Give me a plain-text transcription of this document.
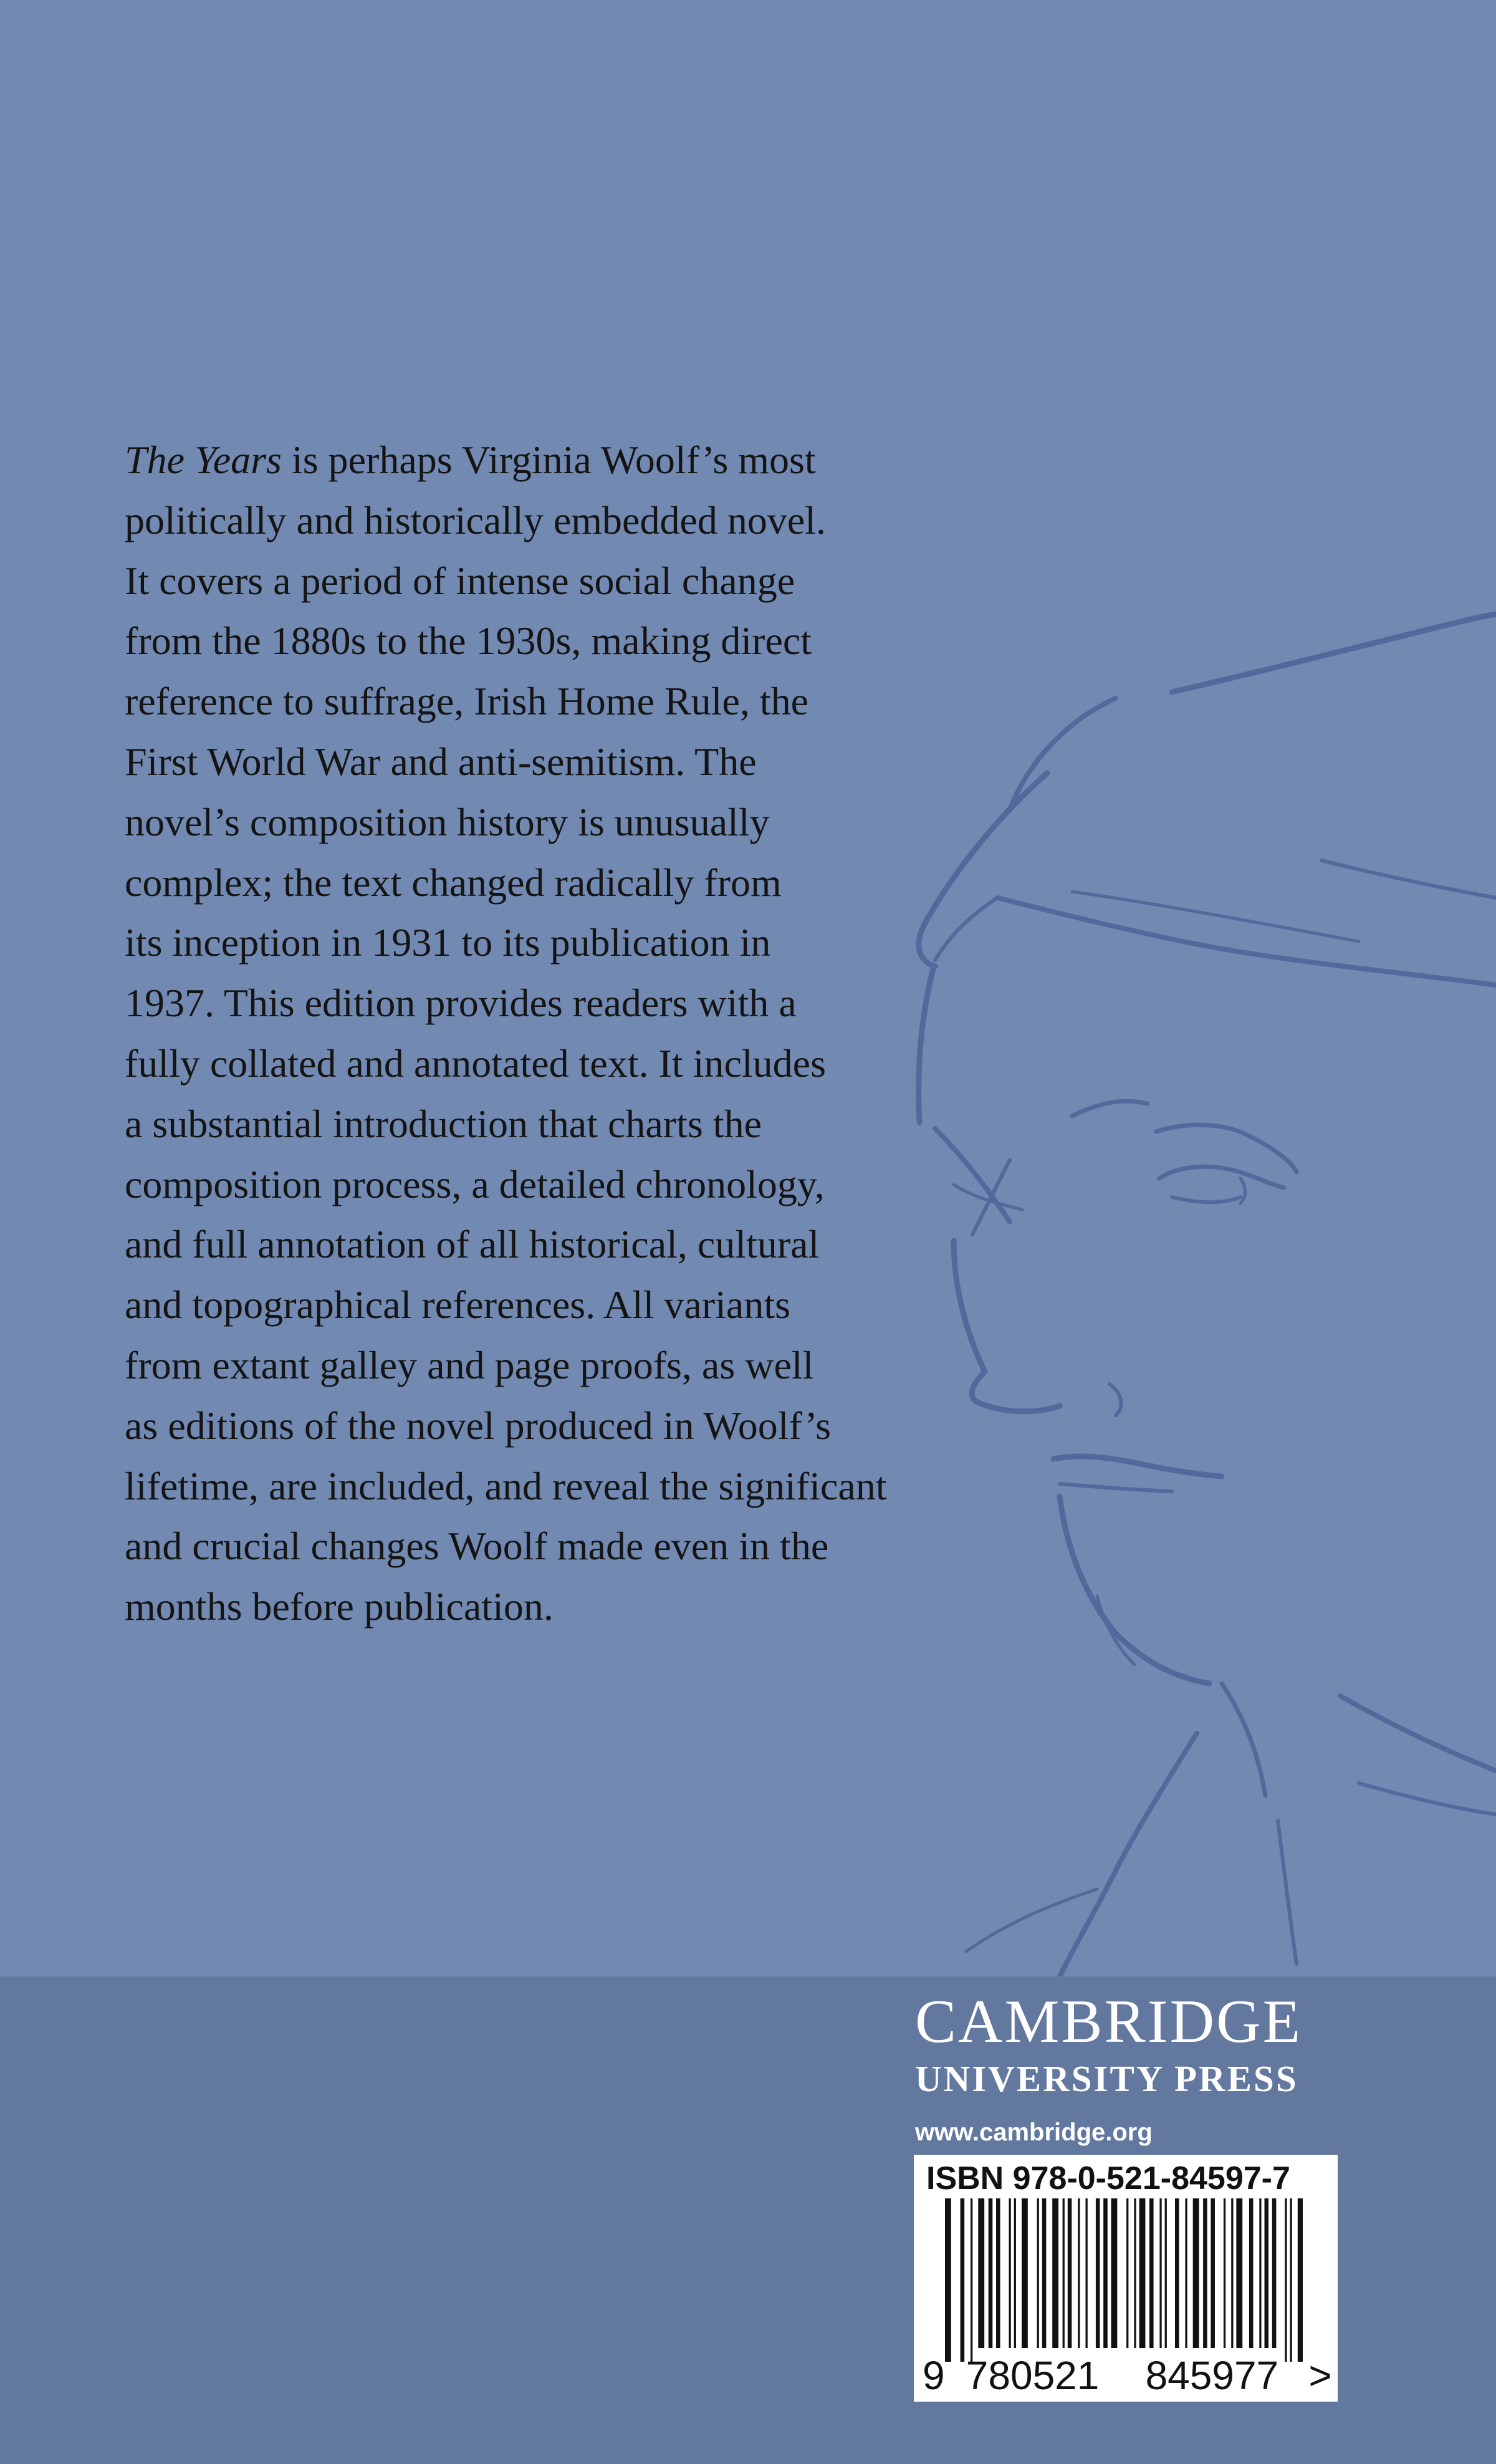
The Years is perhaps Virginia Woolf’s most
politically and historically embedded novel.
It covers a period of intense social change
from the 1880s to the 1930s, making direct
reference to suffrage, Irish Home Rule, the
First World War and anti-semitism. The
novel’s composition history is unusually
complex; the text changed radically from
its inception in 1931 to its publication in
1937. This edition provides readers with a
fully collated and annotated text. It includes
a substantial introduction that charts the
composition process, a detailed chronology,
and full annotation of all historical, cultural
and topographical references. All variants
from extant galley and page proofs, as well
as editions of the novel produced in Woolf’s
lifetime, are included, and reveal the significant
and crucial changes Woolf made even in the
months before publication.
CAMBRIDGE
UNIVERSITY PRESS
www.cambridge.org
ISBN 978-0-521-84597-7
9 780521 845977 >
